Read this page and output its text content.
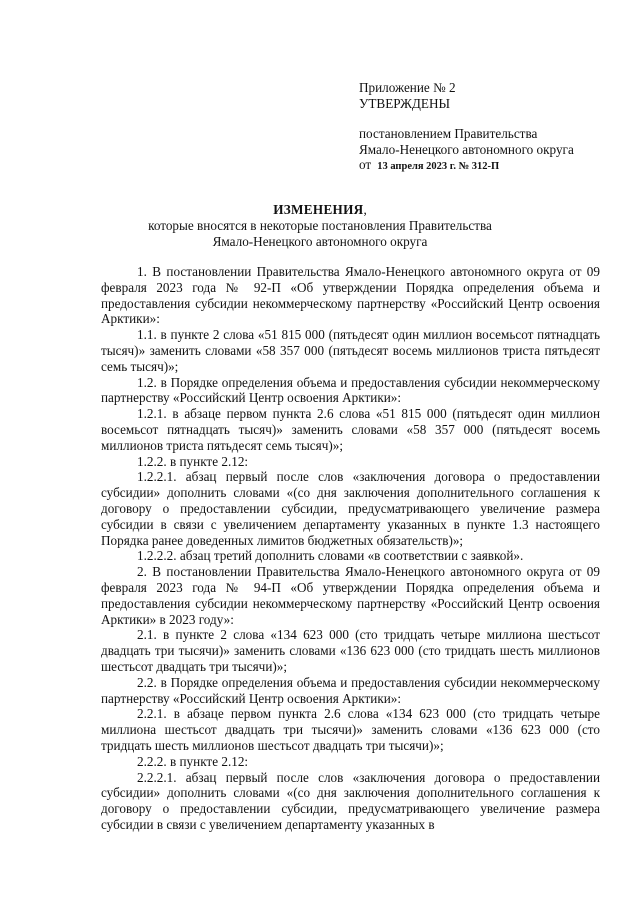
Приложение № 2
УТВЕРЖДЕНЫ
постановлением Правительства
Ямало-Ненецкого автономного округа
от 13 апреля 2023 г. № 312-П
ИЗМЕНЕНИЯ,
которые вносятся в некоторые постановления Правительства
Ямало-Ненецкого автономного округа

1. В постановлении Правительства Ямало-Ненецкого автономного округа от 09 февраля 2023 года № 92-П «Об утверждении Порядка определения объема и предоставления субсидии некоммерческому партнерству «Российский Центр освоения Арктики»:

1.1. в пункте 2 слова «51 815 000 (пятьдесят один миллион восемьсот пятнадцать тысяч)» заменить словами «58 357 000 (пятьдесят восемь миллионов триста пятьдесят семь тысяч)»;

1.2. в Порядке определения объема и предоставления субсидии некоммерческому партнерству «Российский Центр освоения Арктики»:

1.2.1. в абзаце первом пункта 2.6 слова «51 815 000 (пятьдесят один миллион восемьсот пятнадцать тысяч)» заменить словами «58 357 000 (пятьдесят восемь миллионов триста пятьдесят семь тысяч)»;

1.2.2. в пункте 2.12:

1.2.2.1. абзац первый после слов «заключения договора о предоставлении субсидии» дополнить словами «(со дня заключения дополнительного соглашения к договору о предоставлении субсидии, предусматривающего увеличение размера субсидии в связи с увеличением департаменту указанных в пункте 1.3 настоящего Порядка ранее доведенных лимитов бюджетных обязательств)»;

1.2.2.2. абзац третий дополнить словами «в соответствии с заявкой».

2. В постановлении Правительства Ямало-Ненецкого автономного округа от 09 февраля 2023 года № 94-П «Об утверждении Порядка определения объема и предоставления субсидии некоммерческому партнерству «Российский Центр освоения Арктики» в 2023 году»:

2.1. в пункте 2 слова «134 623 000 (сто тридцать четыре миллиона шестьсот двадцать три тысячи)» заменить словами «136 623 000 (сто тридцать шесть миллионов шестьсот двадцать три тысячи)»;

2.2. в Порядке определения объема и предоставления субсидии некоммерческому партнерству «Российский Центр освоения Арктики»:

2.2.1. в абзаце первом пункта 2.6 слова «134 623 000 (сто тридцать четыре миллиона шестьсот двадцать три тысячи)» заменить словами «136 623 000 (сто тридцать шесть миллионов шестьсот двадцать три тысячи)»;

2.2.2. в пункте 2.12:

2.2.2.1. абзац первый после слов «заключения договора о предоставлении субсидии» дополнить словами «(со дня заключения дополнительного соглашения к договору о предоставлении субсидии, предусматривающего увеличение размера субсидии в связи с увеличением департаменту указанных в
